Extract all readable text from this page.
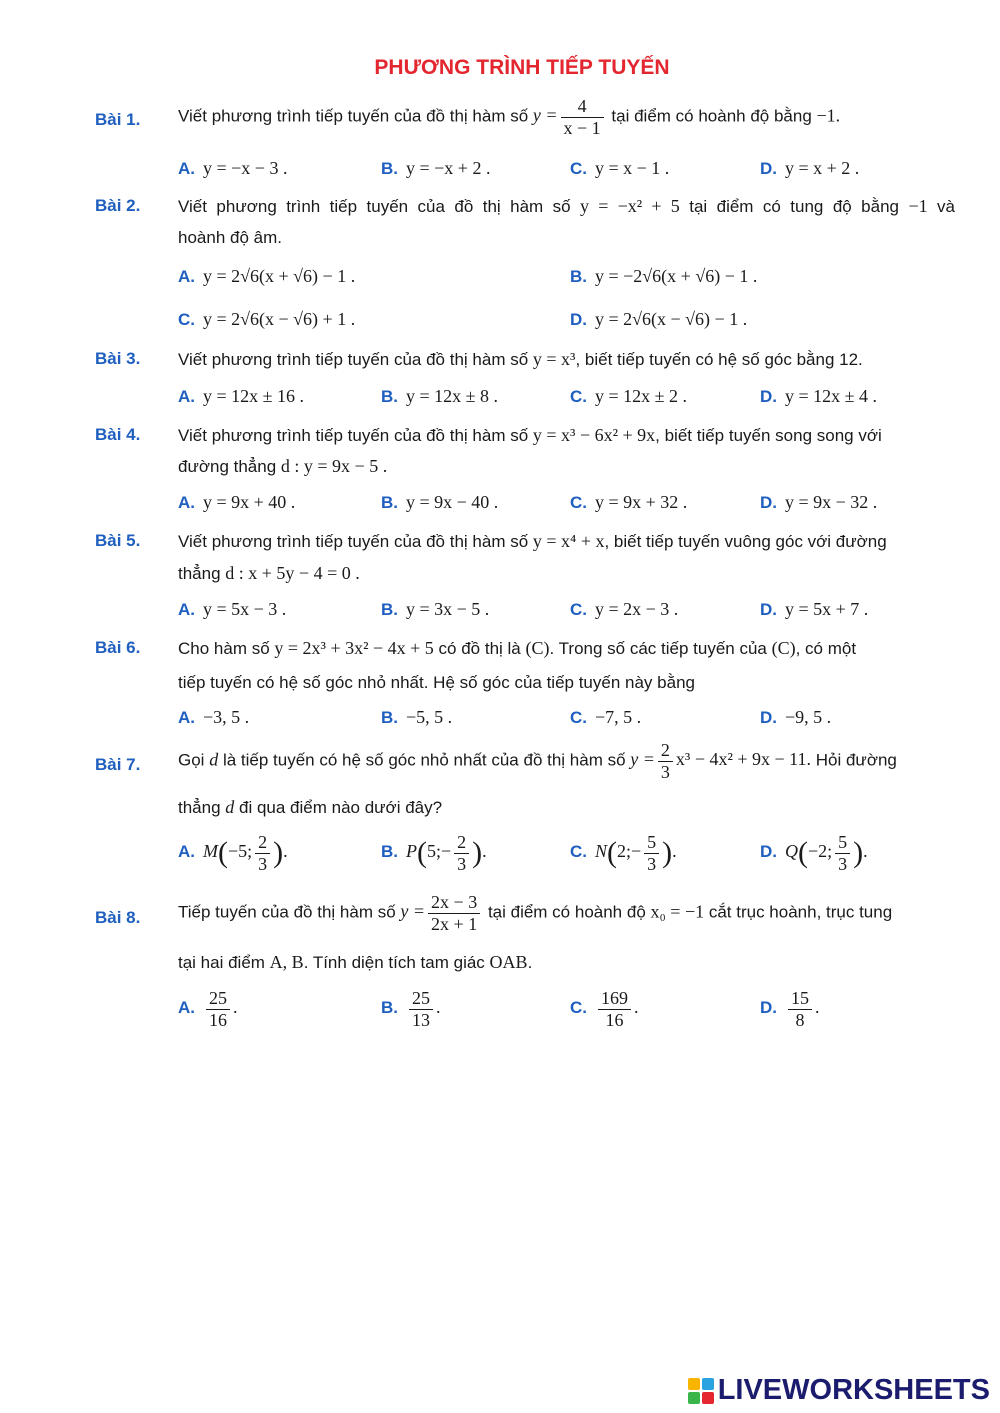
PHƯƠNG TRÌNH TIẾP TUYẾN
Bài 1. Viết phương trình tiếp tuyến của đồ thị hàm số $y = \frac{4}{x - 1}$ tại điểm có hoành độ bằng −1.
A. y = −x − 3 .	B. y = −x + 2 .	C. y = x − 1 .	D. y = x + 2 .
Bài 2. Viết phương trình tiếp tuyến của đồ thị hàm số y = −x² + 5 tại điểm có tung độ bằng −1 và
hoành độ âm.
A. y = 2√6(x + √6) − 1 .	B. y = −2√6(x + √6) − 1 .
C. y = 2√6(x − √6) + 1 .	D. y = 2√6(x − √6) − 1 .
Bài 3. Viết phương trình tiếp tuyến của đồ thị hàm số y = x³, biết tiếp tuyến có hệ số góc bằng 12.
A. y = 12x ± 16 .	B. y = 12x ± 8 .	C. y = 12x ± 2 .	D. y = 12x ± 4 .
Bài 4. Viết phương trình tiếp tuyến của đồ thị hàm số y = x³ − 6x² + 9x, biết tiếp tuyến song song với
đường thẳng d : y = 9x − 5 .
A. y = 9x + 40 .	B. y = 9x − 40 .	C. y = 9x + 32 .	D. y = 9x − 32 .
Bài 5. Viết phương trình tiếp tuyến của đồ thị hàm số y = x⁴ + x, biết tiếp tuyến vuông góc với đường
thẳng d : x + 5y − 4 = 0 .
A. y = 5x − 3 .	B. y = 3x − 5 .	C. y = 2x − 3 .	D. y = 5x + 7 .
Bài 6. Cho hàm số y = 2x³ + 3x² − 4x + 5 có đồ thị là (C). Trong số các tiếp tuyến của (C), có một
tiếp tuyến có hệ số góc nhỏ nhất. Hệ số góc của tiếp tuyến này bằng
A. −3, 5 .	B. −5, 5 .	C. −7, 5 .	D. −9, 5 .
Bài 7. Gọi d là tiếp tuyến có hệ số góc nhỏ nhất của đồ thị hàm số $y = \frac{2}{3} x^3 - 4x^2 + 9x - 11$. Hỏi đường
thẳng d đi qua điểm nào dưới đây?
A. M(−5; $\frac{2}{3}$ ).	B. P(5;− $\frac{2}{3}$ ).	C. N(2;− $\frac{5}{3}$ ).	D. Q(−2; $\frac{5}{3}$ ).
Bài 8. Tiếp tuyến của đồ thị hàm số $y = \frac{2x - 3}{2x + 1}$ tại điểm có hoành độ x₀ = −1 cắt trục hoành, trục tung
tại hai điểm A, B. Tính diện tích tam giác OAB.
A. $\frac{25}{16}$ .	B. $\frac{25}{13}$ .	C. $\frac{169}{16}$ .	D. $\frac{15}{8}$ .
LIVEWORKSHEETS
